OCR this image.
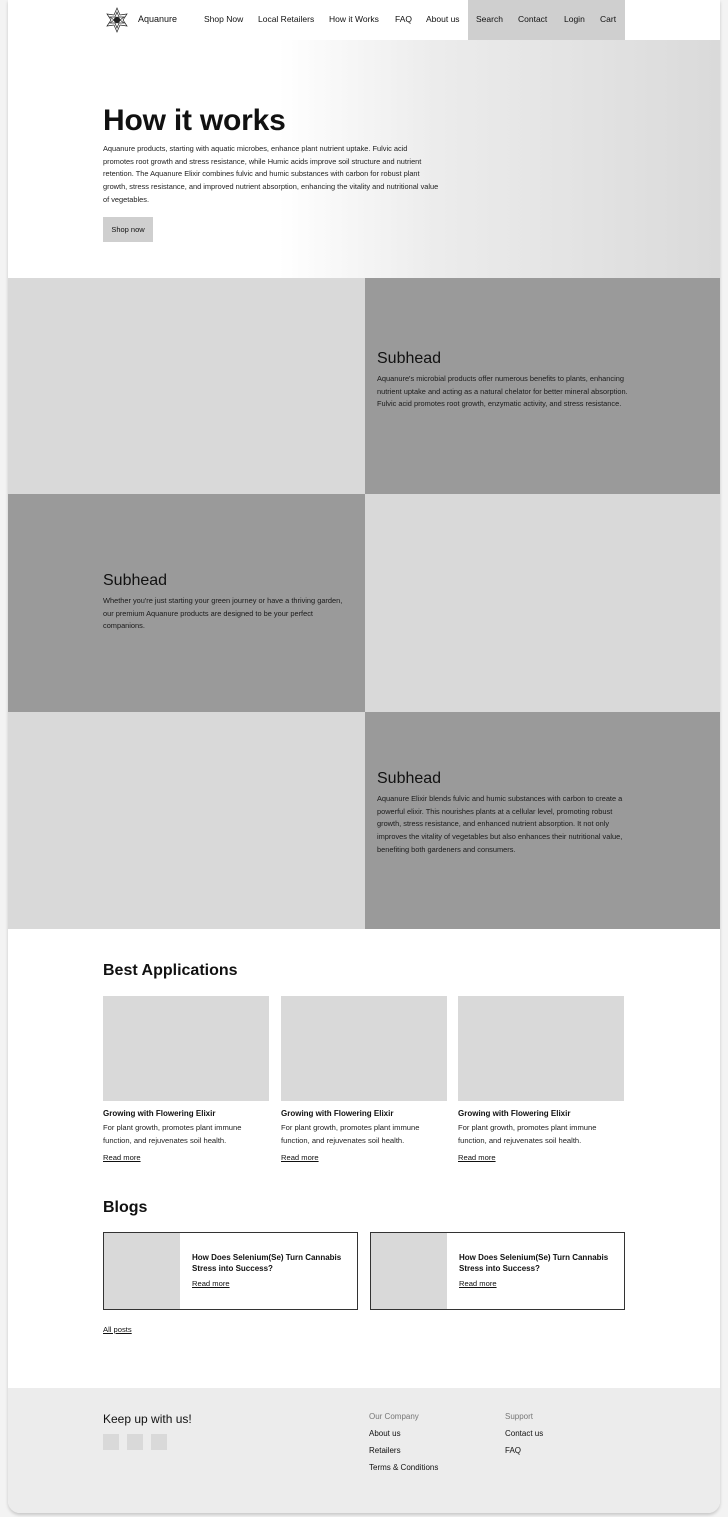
Aquanure	Shop Now Local Retailers How it Works FAQ About us Search Contact Login Cart
How it works

Aquanure products, starting with aquatic microbes, enhance plant nutrient uptake. Fulvic acid promotes root growth and stress resistance, while Humic acids improve soil structure and nutrient retention. The Aquanure Elixir combines fulvic and humic substances with carbon for robust plant growth, stress resistance, and improved nutrient absorption, enhancing the vitality and nutritional value of vegetables.

Shop now
Subhead

Aquanure's microbial products offer numerous benefits to plants, enhancing nutrient uptake and acting as a natural chelator for better mineral absorption. Fulvic acid promotes root growth, enzymatic activity, and stress resistance.

Subhead

Whether you're just starting your green journey or have a thriving garden, our premium Aquanure products are designed to be your perfect companions.

Subhead

Aquanure Elixir blends fulvic and humic substances with carbon to create a powerful elixir. This nourishes plants at a cellular level, promoting robust growth, stress resistance, and enhanced nutrient absorption. It not only improves the vitality of vegetables but also enhances their nutritional value, benefiting both gardeners and consumers.

Best Applications
Growing with Flowering Elixir
For plant growth, promotes plant immune function, and rejuvenates soil health.
Read more
Growing with Flowering Elixir
For plant growth, promotes plant immune function, and rejuvenates soil health.
Read more
Growing with Flowering Elixir
For plant growth, promotes plant immune function, and rejuvenates soil health.
Read more
Blogs
How Does Selenium(Se) Turn Cannabis Stress into Success?
Read more
How Does Selenium(Se) Turn Cannabis Stress into Success?
Read more
All posts
Keep up with us!	Our Company
About us
Retailers
Terms & Conditions
Support
Contact us
FAQ
